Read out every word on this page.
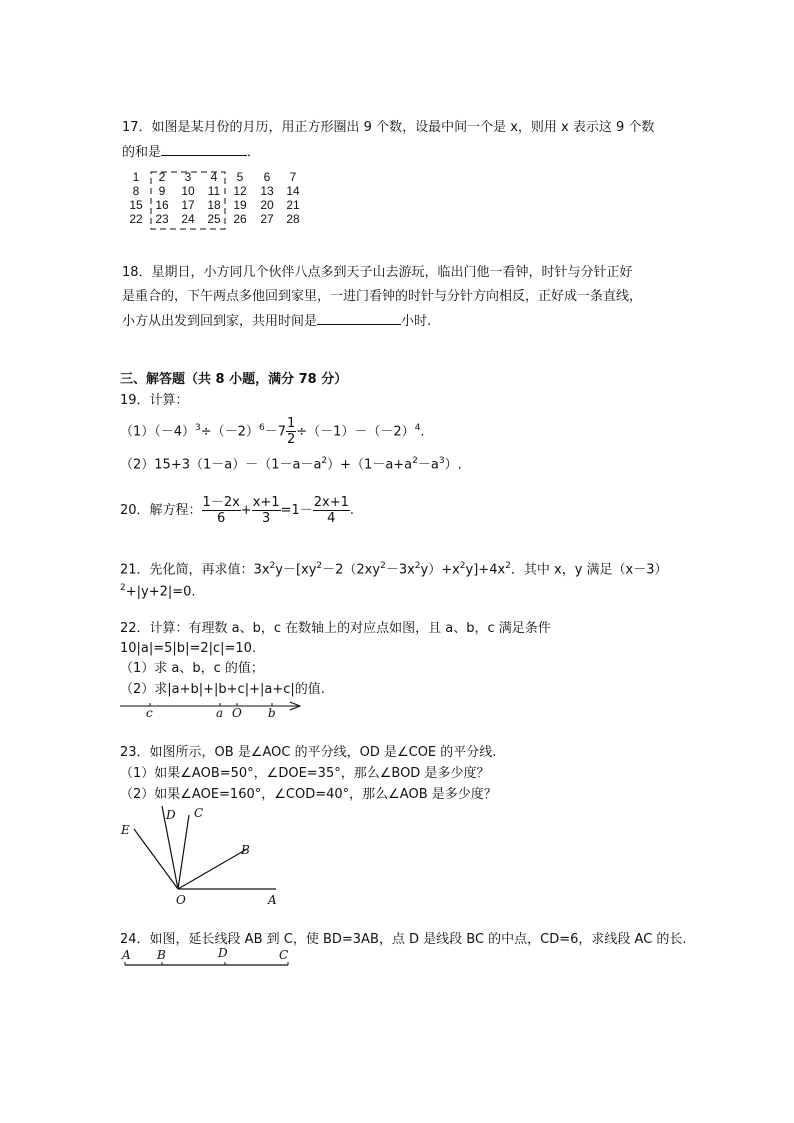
17．如图是某月份的月历，用正方形圈出 9 个数，设最中间一个是 x，则用 x 表示这 9 个数
的和是	．
1	2	3	4	5	6	7
8	9	10	11	12	13	14
15	16	17	18	19	20	21
22	23	24	25	26	27	28
18．星期日，小方同几个伙伴八点多到天子山去游玩，临出门他一看钟，时针与分针正好
是重合的，下午两点多他回到家里，一进门看钟的时针与分针方向相反，正好成一条直线，
小方从出发到回到家，共用时间是	小时.
三、解答题（共 8 小题，满分 78 分）
19．计算：
$(1)(-4)^3\div(-2)^6-7 \frac{1}{2} \div(-1)-(-2)^4$.
$(2)15+3(1-a)-(1-a-a^2)+(1-a+a^2-a^3)$.
20．解方程： $\frac{1-2x}{6} + \frac{x+1}{3} =1- \frac{2x+1}{4}$ .
21．先化简，再求值：$3x^2y-[xy^2-2(2xy^2-3x^2y)+x^2y]+4x^2$．其中 x，y 满足（x－3）
$^2$+|y+2|=0.
22．计算：有理数 a、b，c 在数轴上的对应点如图，且 a、b，c 满足条件
10|a|=5|b|=2|c|=10.
（1）求 a、b，c 的值；
（2）求|a+b|+|b+c|+|a+c|的值.
c	a O b
23．如图所示，OB 是∠AOC 的平分线，OD 是∠COE 的平分线.
（1）如果∠AOB=50°，∠DOE=35°，那么∠BOD 是多少度？
（2）如果∠AOE=160°，∠COD=40°，那么∠AOB 是多少度？
E
D C
B
O	A
24．如图，延长线段 AB 到 C，使 BD=3AB，点 D 是线段 BC 的中点，CD=6，求线段 AC 的长.
A B	D	C
